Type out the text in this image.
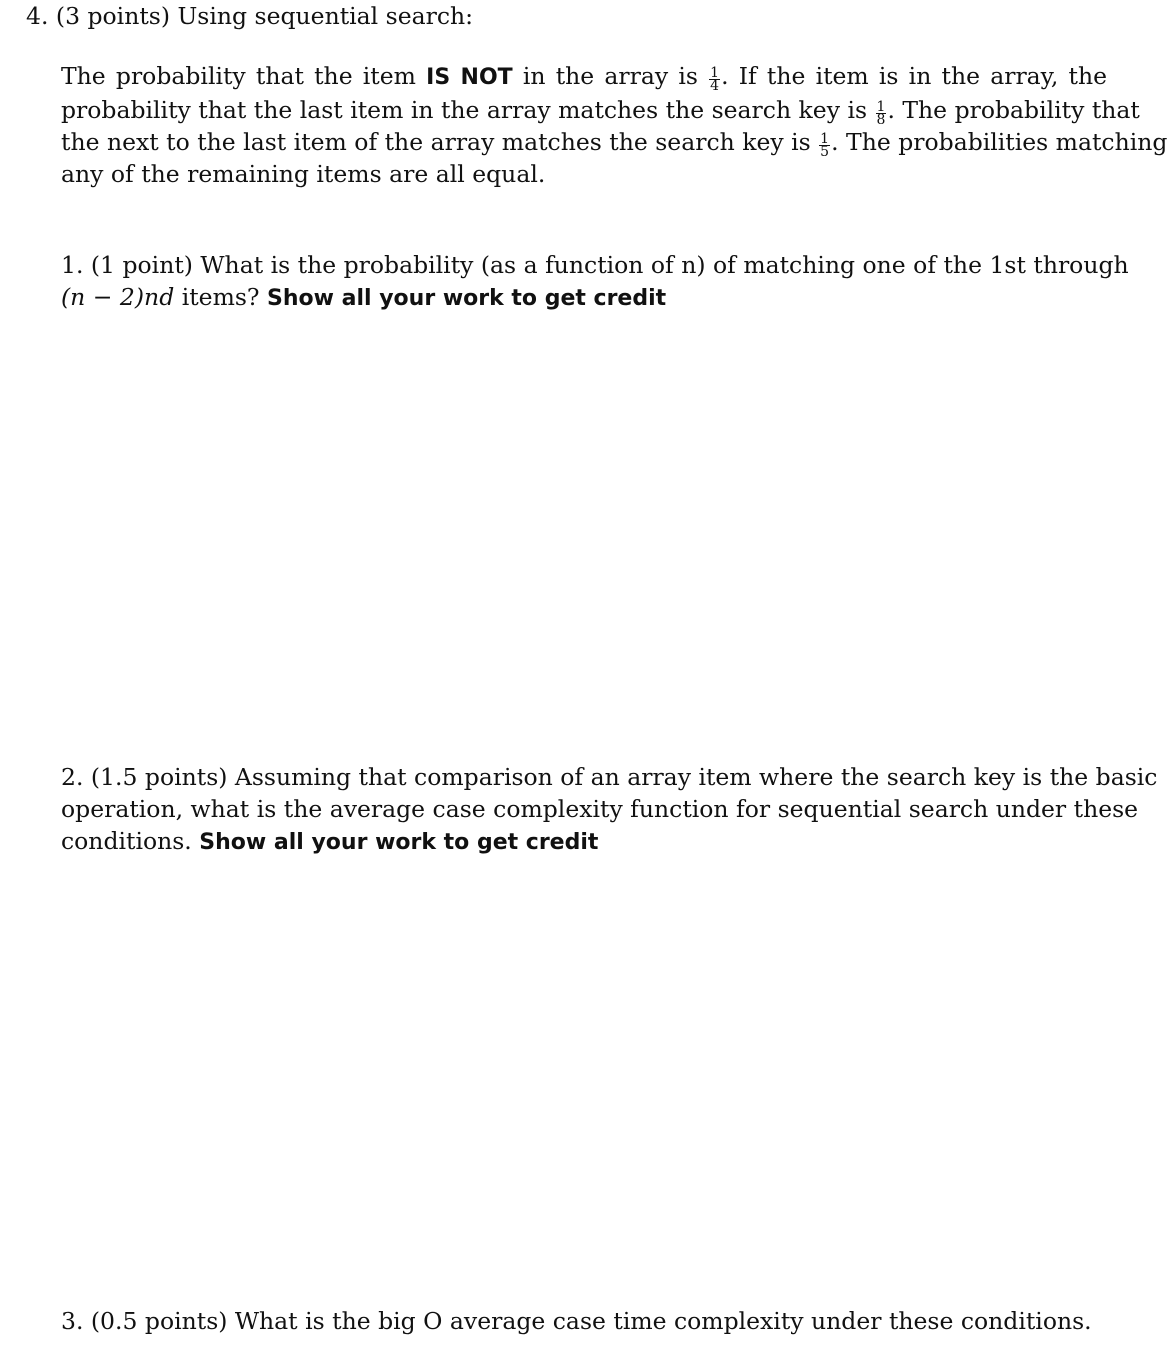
4. (3 points) Using sequential search:
The probability that the item IS NOT in the array is $\frac{1}{4}$ . If the item is in the array, the
probability that the last item in the array matches the search key is $\frac{1}{8}$ . The probability that
the next to the last item of the array matches the search key is $\frac{1}{5}$ . The probabilities matching
any of the remaining items are all equal.
1. (1 point) What is the probability (as a function of n) of matching one of the 1st through
(n − 2)nd items? Show all your work to get credit
2. (1.5 points) Assuming that comparison of an array item where the search key is the basic
operation, what is the average case complexity function for sequential search under these
conditions. Show all your work to get credit
3. (0.5 points) What is the big O average case time complexity under these conditions.
